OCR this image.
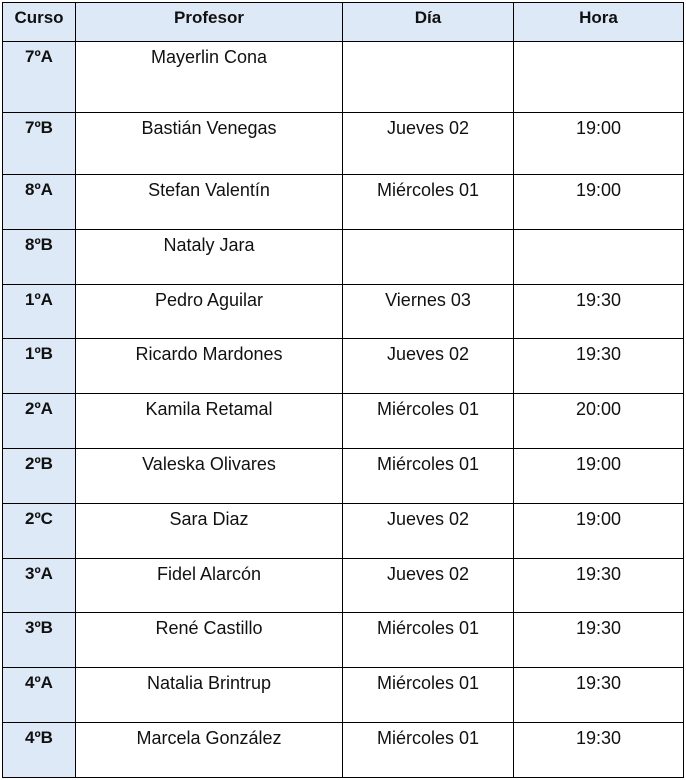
Curso	Profesor	Día	Hora
7ºA	Mayerlin Cona		
7ºB	Bastián Venegas	Jueves 02	19:00
8ºA	Stefan Valentín	Miércoles 01	19:00
8ºB	Nataly Jara		
1ºA	Pedro Aguilar	Viernes 03	19:30
1ºB	Ricardo Mardones	Jueves 02	19:30
2ºA	Kamila Retamal	Miércoles 01	20:00
2ºB	Valeska Olivares	Miércoles 01	19:00
2ºC	Sara Diaz	Jueves 02	19:00
3ºA	Fidel Alarcón	Jueves 02	19:30
3ºB	René Castillo	Miércoles 01	19:30
4ºA	Natalia Brintrup	Miércoles 01	19:30
4ºB	Marcela González	Miércoles 01	19:30
